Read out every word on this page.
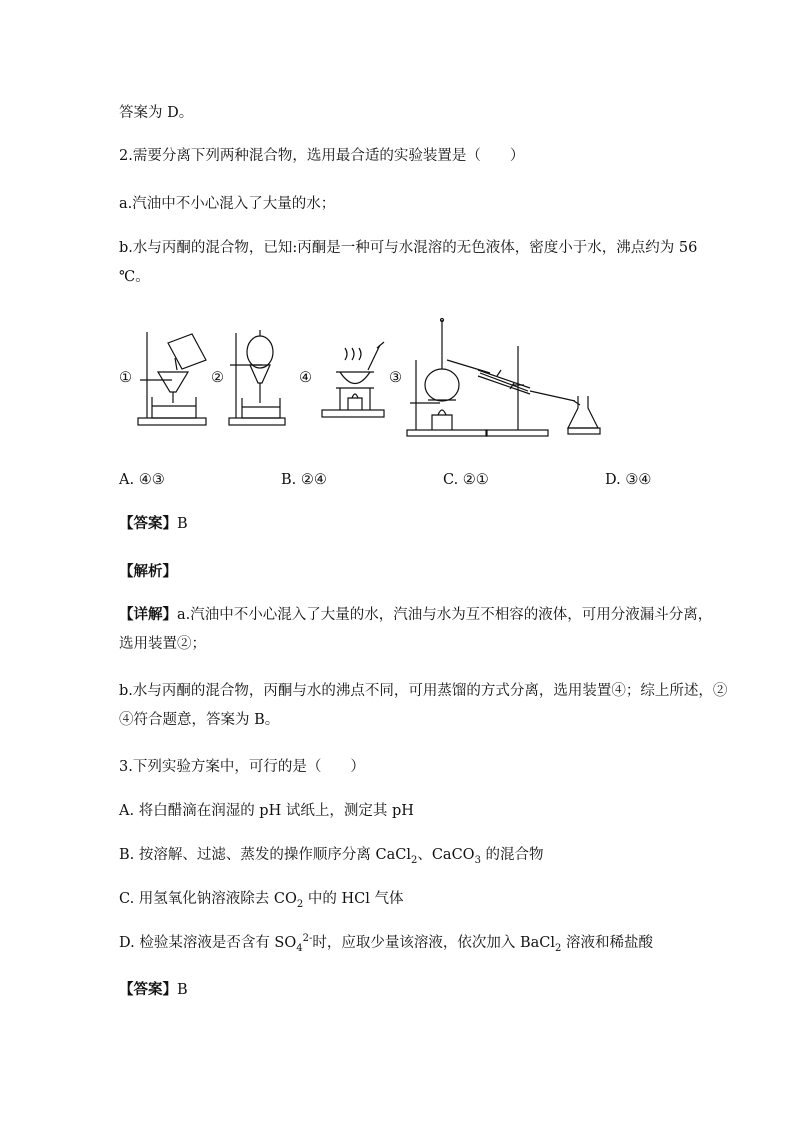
答案为 D。
2.需要分离下列两种混合物，选用最合适的实验装置是（　　）
a.汽油中不小心混入了大量的水；
b.水与丙酮的混合物，已知:丙酮是一种可与水混溶的无色液体，密度小于水，沸点约为 56
℃。
①	②	④	③
A. ④③	B. ②④	C. ②①	D. ③④
【答案】B
【解析】
【详解】a.汽油中不小心混入了大量的水，汽油与水为互不相容的液体，可用分液漏斗分离，
选用装置②；
b.水与丙酮的混合物，丙酮与水的沸点不同，可用蒸馏的方式分离，选用装置④；综上所述，②
④符合题意，答案为 B。
3.下列实验方案中，可行的是（　　）
A. 将白醋滴在润湿的 pH 试纸上，测定其 pH
B. 按溶解、过滤、蒸发的操作顺序分离 CaCl$_2$、CaCO$_3$ 的混合物
C. 用氢氧化钠溶液除去 $CO_2$ 中的 HCl 气体
D. 检验某溶液是否含有 $SO_4^{2-}$时，应取少量该溶液，依次加入 BaCl$_2$ 溶液和稀盐酸
【答案】B
